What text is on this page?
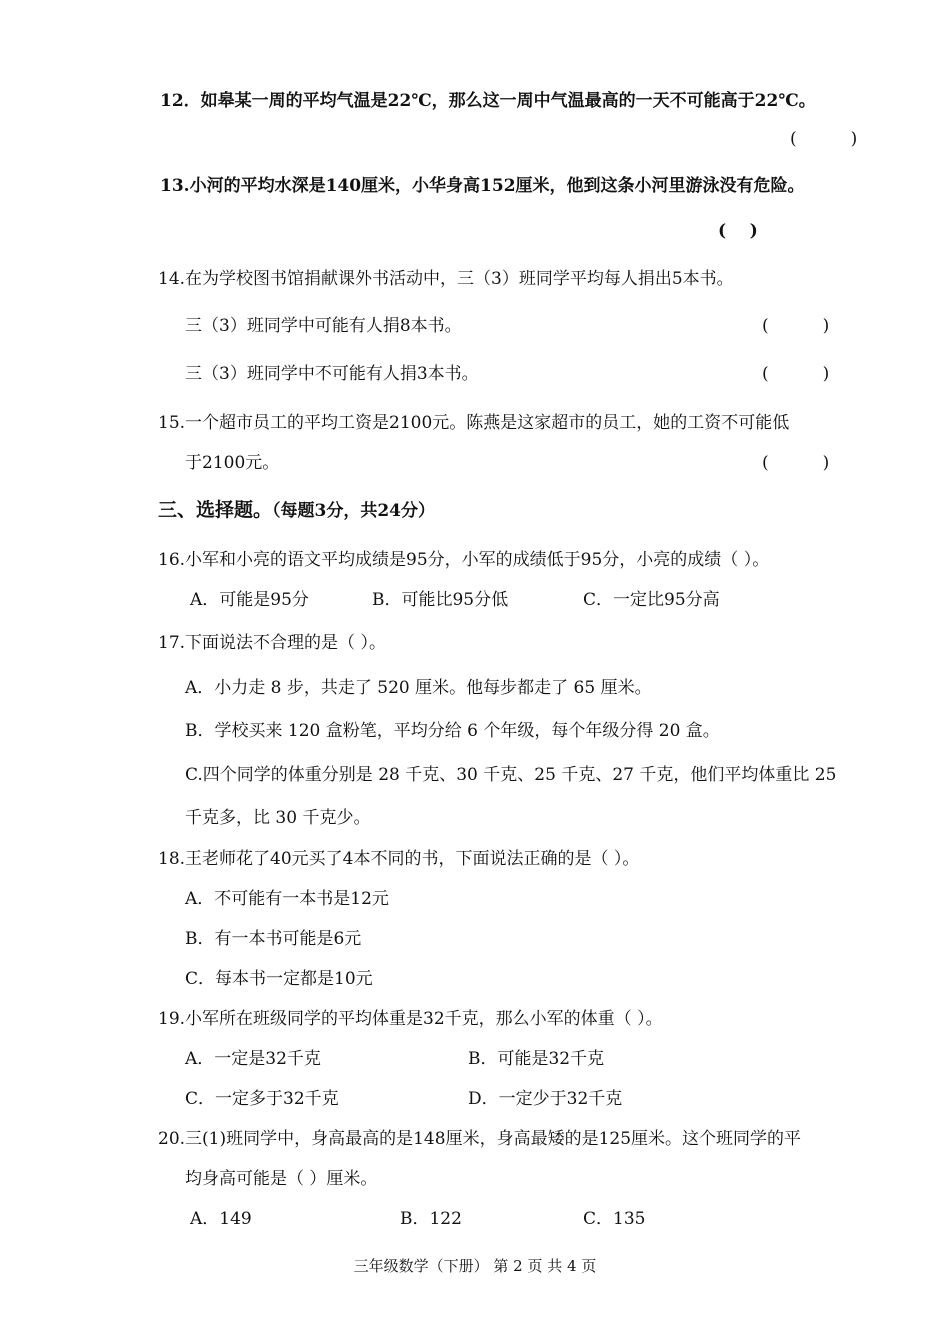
12．如皋某一周的平均气温是22℃，那么这一周中气温最高的一天不可能高于22℃。
(          )
13.小河的平均水深是140厘米，小华身高152厘米，他到这条小河里游泳没有危险。
(    )
14.在为学校图书馆捐献课外书活动中，三（3）班同学平均每人捐出5本书。
三（3）班同学中可能有人捐8本书。	(          )
三（3）班同学中不可能有人捐3本书。	(          )
15.一个超市员工的平均工资是2100元。陈燕是这家超市的员工，她的工资不可能低
于2100元。	(          )
三、选择题。（每题3分，共24分）
16.小军和小亮的语文平均成绩是95分，小军的成绩低于95分，小亮的成绩（ ）。
A．可能是95分	B．可能比95分低	C．一定比95分高
17.下面说法不合理的是（ ）。
A．小力走 8 步，共走了 520 厘米。他每步都走了 65 厘米。
B．学校买来 120 盒粉笔，平均分给 6 个年级，每个年级分得 20 盒。
C.四个同学的体重分别是 28 千克、30 千克、25 千克、27 千克，他们平均体重比 25
千克多，比 30 千克少。
18.王老师花了40元买了4本不同的书，下面说法正确的是（ ）。
A．不可能有一本书是12元
B．有一本书可能是6元
C．每本书一定都是10元
19.小军所在班级同学的平均体重是32千克，那么小军的体重（ ）。
A．一定是32千克	B．可能是32千克
C．一定多于32千克	D．一定少于32千克
20.三(1)班同学中，身高最高的是148厘米，身高最矮的是125厘米。这个班同学的平
均身高可能是（ ）厘米。
A．149	B．122	C．135
三年级数学（下册） 第 2 页 共 4 页
